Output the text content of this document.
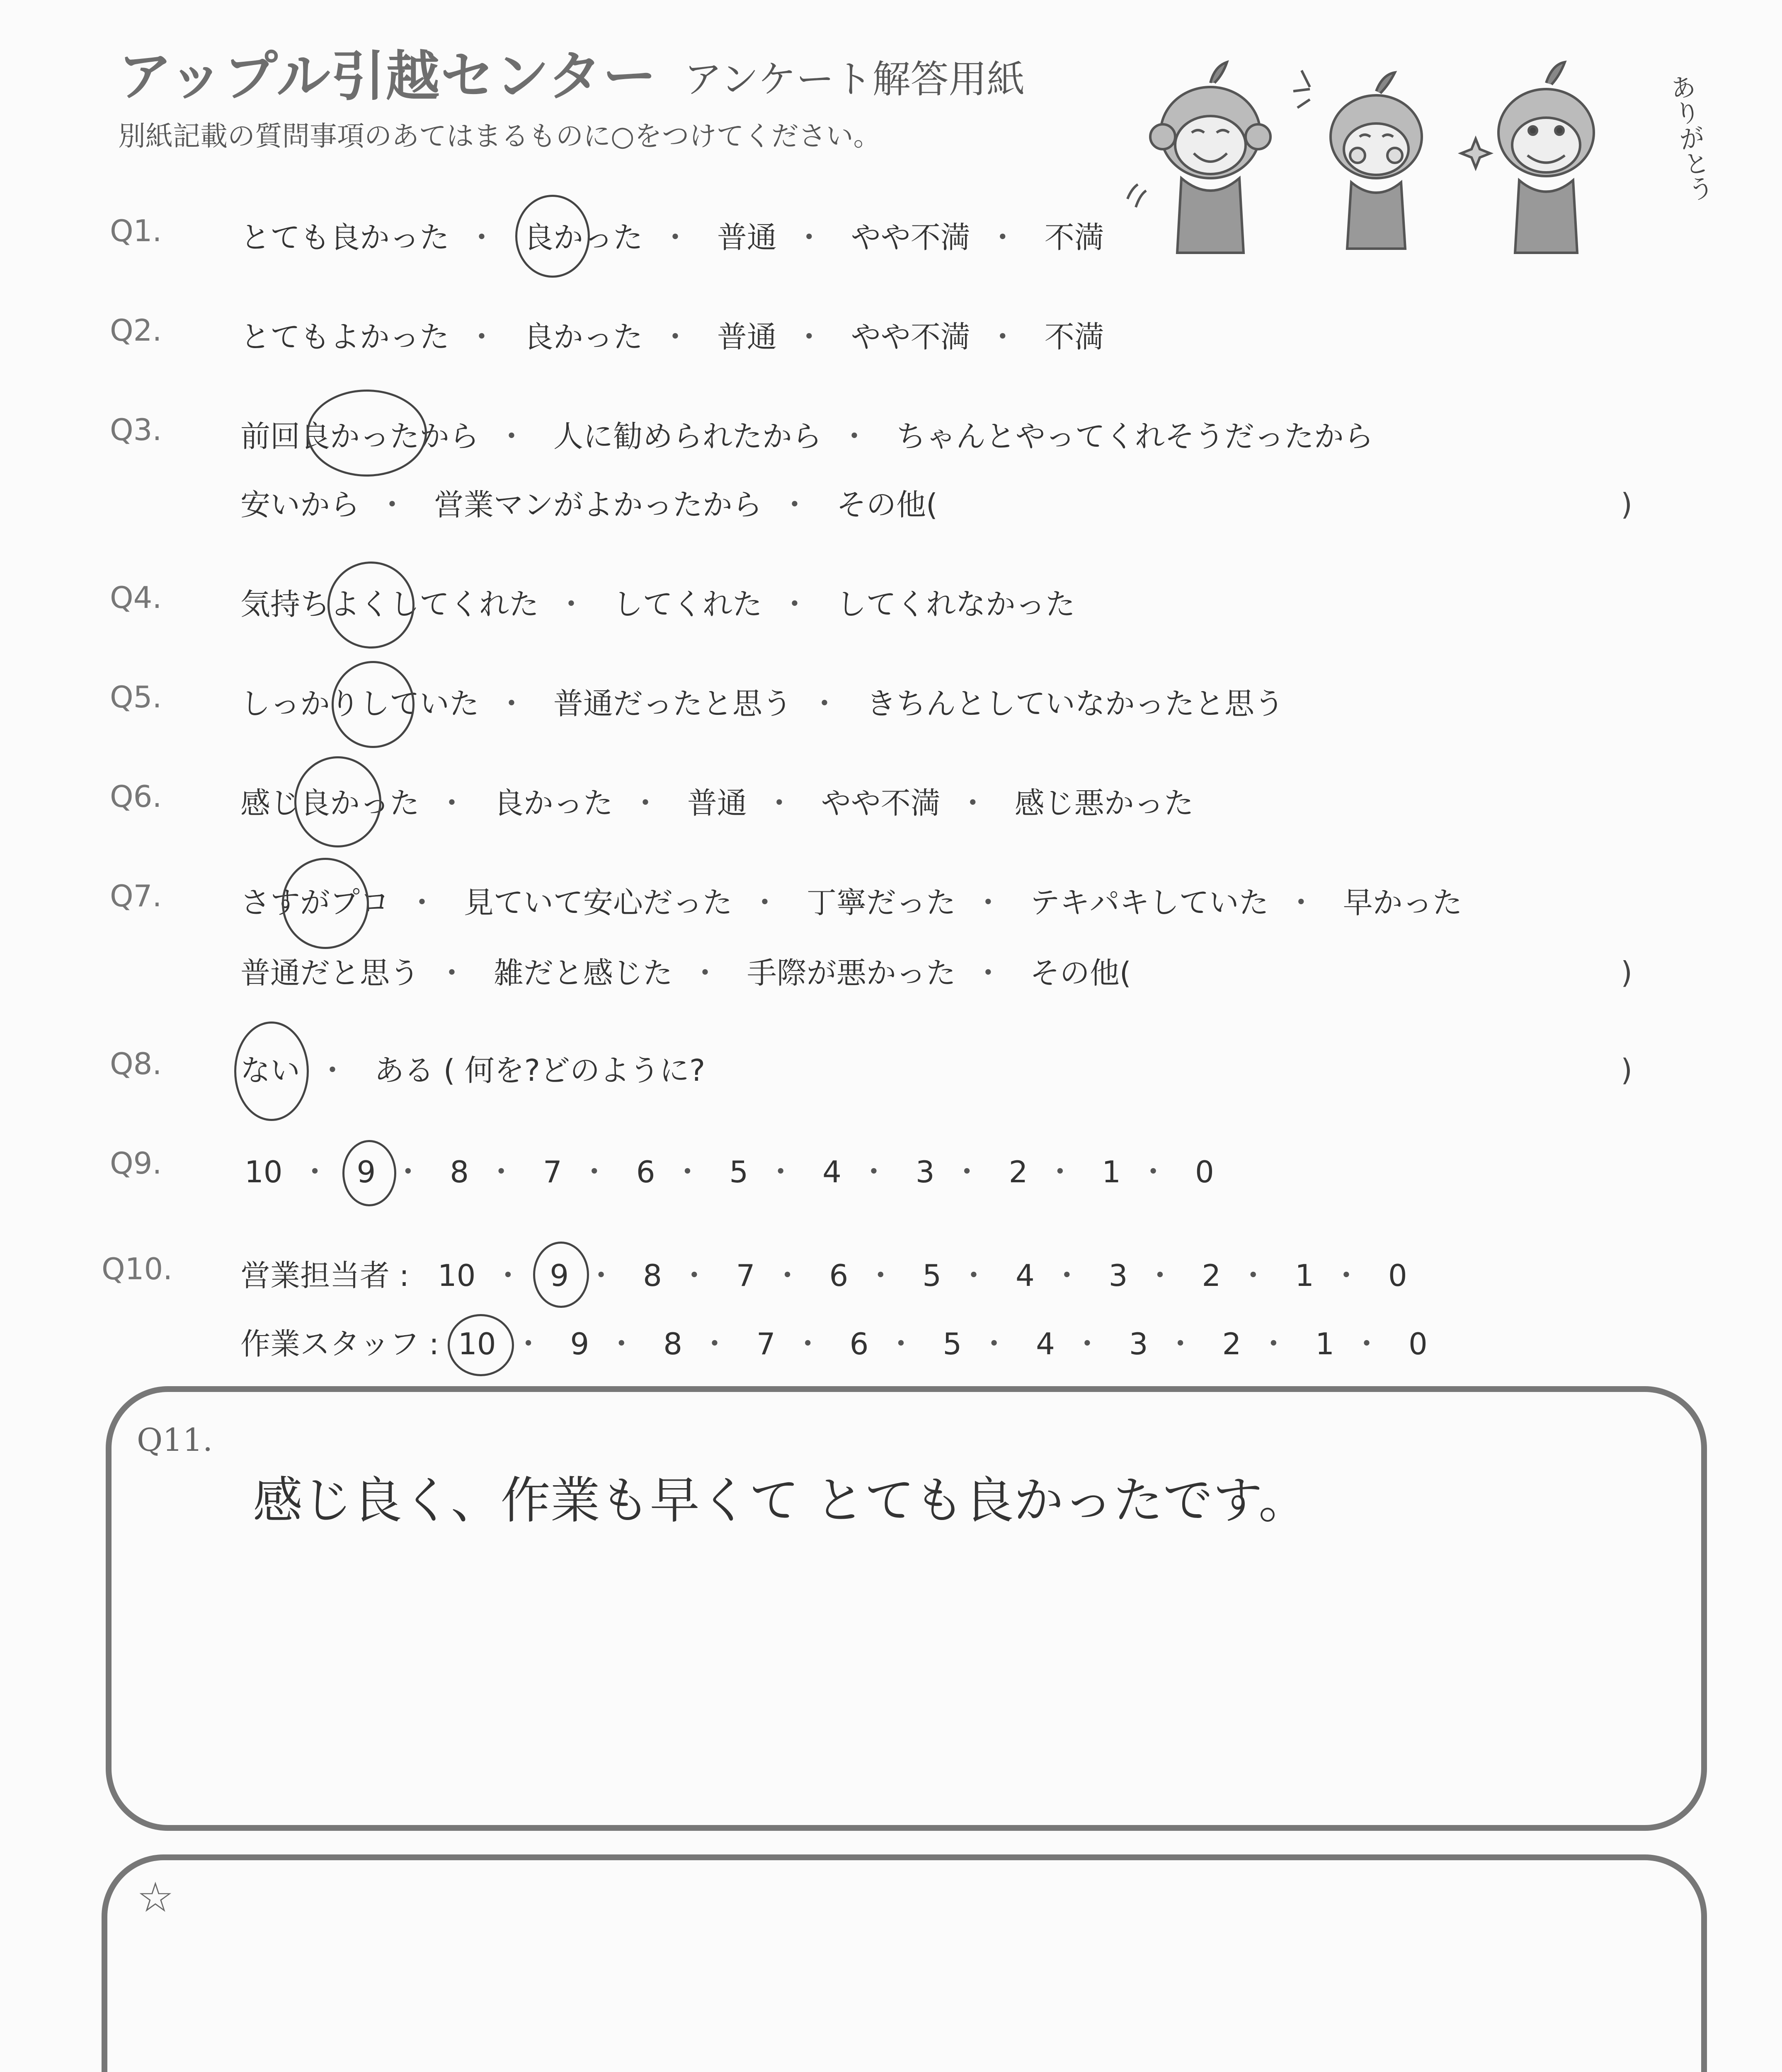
アップル引越センター アンケート解答用紙
別紙記載の質問事項のあてはまるものに○をつけてください。	ありがとう
Q1.	とても良かった ・ 良かった ・ 普通 ・ やや不満 ・ 不満
Q2.	とてもよかった ・ 良かった ・ 普通 ・ やや不満 ・ 不満
Q3.	前回良かったから ・ 人に勧められたから ・ ちゃんとやってくれそうだったから
安いから ・ 営業マンがよかったから ・ その他(	)
Q4.	気持ちよくしてくれた ・ してくれた ・ してくれなかった
Q5.	しっかりしていた ・ 普通だったと思う ・ きちんとしていなかったと思う
Q6.	感じ良かった ・ 良かった ・ 普通 ・ やや不満 ・ 感じ悪かった
Q7.	さすがプロ ・ 見ていて安心だった ・ 丁寧だった ・ テキパキしていた ・ 早かった
普通だと思う ・ 雑だと感じた ・ 手際が悪かった ・ その他(	)
Q8.	ない ・ ある ( 何を?どのように?	)
Q9.	10 ・ 9 ・ 8 ・ 7 ・ 6 ・ 5 ・ 4 ・ 3 ・ 2 ・ 1 ・ 0
Q10. 営業担当者 : 10 ・ 9 ・ 8 ・ 7 ・ 6 ・ 5 ・ 4 ・ 3 ・ 2 ・ 1 ・ 0
作業スタッフ : 10 ・ 9 ・ 8 ・ 7 ・ 6 ・ 5 ・ 4 ・ 3 ・ 2 ・ 1 ・ 0
Q11.
感じ良く、作業も早くて とても良かったです。
☆
